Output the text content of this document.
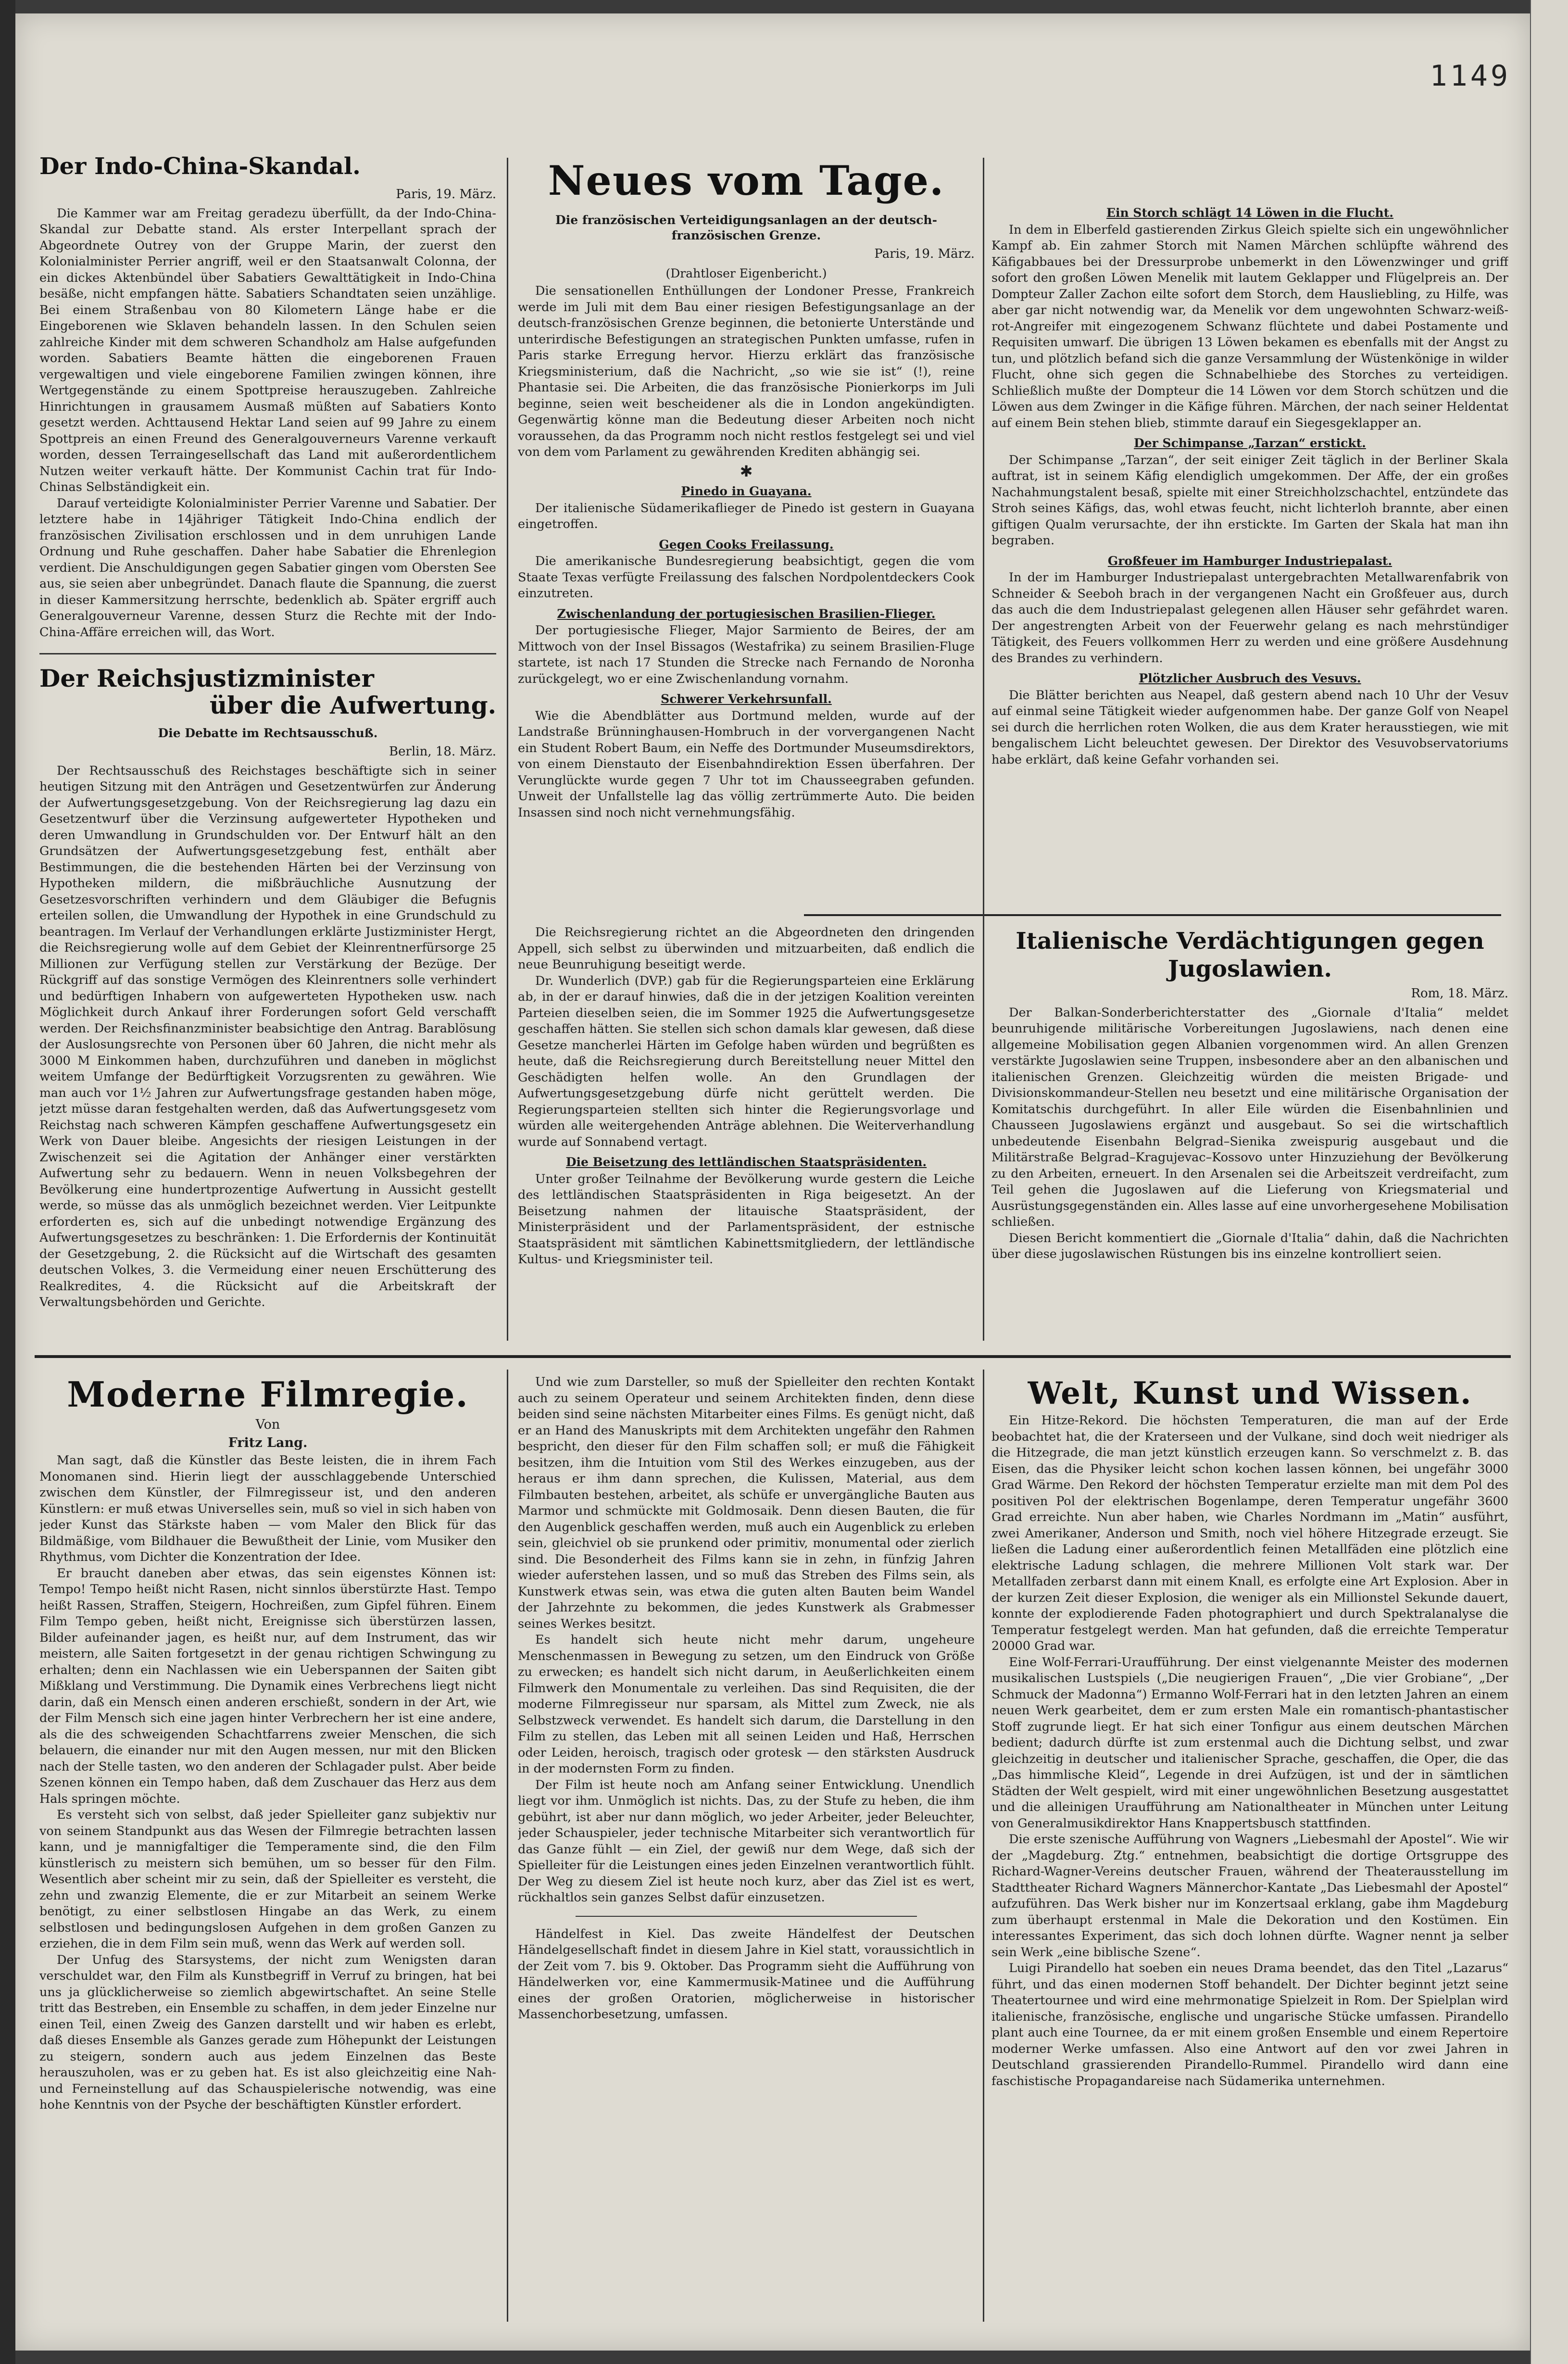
1149
Der Indo-China-Skandal.
Paris, 19. März.

Die Kammer war am Freitag geradezu überfüllt, da der Indo-China-Skandal zur Debatte stand. Als erster Interpellant sprach der Abgeordnete Outrey von der Gruppe Marin, der zuerst den Kolonialminister Perrier angriff, weil er den Staatsanwalt Colonna, der ein dickes Aktenbündel über Sabatiers Gewalttätigkeit in Indo-China besäße, nicht empfangen hätte. Sabatiers Schandtaten seien unzählige. Bei einem Straßenbau von 80 Kilometern Länge habe er die Eingeborenen wie Sklaven behandeln lassen. In den Schulen seien zahlreiche Kinder mit dem schweren Schandholz am Halse aufgefunden worden. Sabatiers Beamte hätten die eingeborenen Frauen vergewaltigen und viele eingeborene Familien zwingen können, ihre Wertgegenstände zu einem Spottpreise herauszugeben. Zahlreiche Hinrichtungen in grausamem Ausmaß müßten auf Sabatiers Konto gesetzt werden. Achttausend Hektar Land seien auf 99 Jahre zu einem Spottpreis an einen Freund des Generalgouverneurs Varenne verkauft worden, dessen Terraingesellschaft das Land mit außerordentlichem Nutzen weiter verkauft hätte. Der Kommunist Cachin trat für Indo-Chinas Selbständigkeit ein.

Darauf verteidigte Kolonialminister Perrier Varenne und Sabatier. Der letztere habe in 14jähriger Tätigkeit Indo-China endlich der französischen Zivilisation erschlossen und in dem unruhigen Lande Ordnung und Ruhe geschaffen. Daher habe Sabatier die Ehrenlegion verdient. Die Anschuldigungen gegen Sabatier gingen vom Obersten See aus, sie seien aber unbegründet. Danach flaute die Spannung, die zuerst in dieser Kammersitzung herrschte, bedenklich ab. Später ergriff auch Generalgouverneur Varenne, dessen Sturz die Rechte mit der Indo-China-Affäre erreichen will, das Wort.

Der Reichsjustizminister
über die Aufwertung.
Die Debatte im Rechtsausschuß.
Berlin, 18. März.

Der Rechtsausschuß des Reichstages beschäftigte sich in seiner heutigen Sitzung mit den Anträgen und Gesetzentwürfen zur Änderung der Aufwertungsgesetzgebung. Von der Reichsregierung lag dazu ein Gesetzentwurf über die Verzinsung aufgewerteter Hypotheken und deren Umwandlung in Grundschulden vor. Der Entwurf hält an den Grundsätzen der Aufwertungsgesetzgebung fest, enthält aber Bestimmungen, die die bestehenden Härten bei der Verzinsung von Hypotheken mildern, die mißbräuchliche Ausnutzung der Gesetzesvorschriften verhindern und dem Gläubiger die Befugnis erteilen sollen, die Umwandlung der Hypothek in eine Grundschuld zu beantragen. Im Verlauf der Verhandlungen erklärte Justizminister Hergt, die Reichsregierung wolle auf dem Gebiet der Kleinrentnerfürsorge 25 Millionen zur Verfügung stellen zur Verstärkung der Bezüge. Der Rückgriff auf das sonstige Vermögen des Kleinrentners solle verhindert und bedürftigen Inhabern von aufgewerteten Hypotheken usw. nach Möglichkeit durch Ankauf ihrer Forderungen sofort Geld verschafft werden. Der Reichsfinanzminister beabsichtige den Antrag. Barablösung der Auslosungsrechte von Personen über 60 Jahren, die nicht mehr als 3000 M Einkommen haben, durchzuführen und daneben in möglichst weitem Umfange der Bedürftigkeit Vorzugsrenten zu gewähren. Wie man auch vor 1½ Jahren zur Aufwertungsfrage gestanden haben möge, jetzt müsse daran festgehalten werden, daß das Aufwertungsgesetz vom Reichstag nach schweren Kämpfen geschaffene Aufwertungsgesetz ein Werk von Dauer bleibe. Angesichts der riesigen Leistungen in der Zwischenzeit sei die Agitation der Anhänger einer verstärkten Aufwertung sehr zu bedauern. Wenn in neuen Volksbegehren der Bevölkerung eine hundertprozentige Aufwertung in Aussicht gestellt werde, so müsse das als unmöglich bezeichnet werden. Vier Leitpunkte erforderten es, sich auf die unbedingt notwendige Ergänzung des Aufwertungsgesetzes zu beschränken: 1. Die Erfordernis der Kontinuität der Gesetzgebung, 2. die Rücksicht auf die Wirtschaft des gesamten deutschen Volkes, 3. die Vermeidung einer neuen Erschütterung des Realkredites, 4. die Rücksicht auf die Arbeitskraft der Verwaltungsbehörden und Gerichte.

Neues vom Tage.
Die französischen Verteidigungsanlagen an der deutsch-französischen Grenze.
Paris, 19. März.
(Drahtloser Eigenbericht.)

Die sensationellen Enthüllungen der Londoner Presse, Frankreich werde im Juli mit dem Bau einer riesigen Befestigungsanlage an der deutsch-französischen Grenze beginnen, die betonierte Unterstände und unterirdische Befestigungen an strategischen Punkten umfasse, rufen in Paris starke Erregung hervor. Hierzu erklärt das französische Kriegsministerium, daß die Nachricht, „so wie sie ist“ (!), reine Phantasie sei. Die Arbeiten, die das französische Pionierkorps im Juli beginne, seien weit bescheidener als die in London angekündigten. Gegenwärtig könne man die Bedeutung dieser Arbeiten noch nicht voraussehen, da das Programm noch nicht restlos festgelegt sei und viel von dem vom Parlament zu gewährenden Krediten abhängig sei.

✱
Pinedo in Guayana.

Der italienische Südamerikaflieger de Pinedo ist gestern in Guayana eingetroffen.

Gegen Cooks Freilassung.

Die amerikanische Bundesregierung beabsichtigt, gegen die vom Staate Texas verfügte Freilassung des falschen Nordpolentdeckers Cook einzutreten.

Zwischenlandung der portugiesischen Brasilien-Flieger.

Der portugiesische Flieger, Major Sarmiento de Beires, der am Mittwoch von der Insel Bissagos (Westafrika) zu seinem Brasilien-Fluge startete, ist nach 17 Stunden die Strecke nach Fernando de Noronha zurückgelegt, wo er eine Zwischenlandung vornahm.

Schwerer Verkehrsunfall.

Wie die Abendblätter aus Dortmund melden, wurde auf der Landstraße Brünninghausen-Hombruch in der vorvergangenen Nacht ein Student Robert Baum, ein Neffe des Dortmunder Museumsdirektors, von einem Dienstauto der Eisenbahndirektion Essen überfahren. Der Verunglückte wurde gegen 7 Uhr tot im Chausseegraben gefunden. Unweit der Unfallstelle lag das völlig zertrümmerte Auto. Die beiden Insassen sind noch nicht vernehmungsfähig.

Die Reichsregierung richtet an die Abgeordneten den dringenden Appell, sich selbst zu überwinden und mitzuarbeiten, daß endlich die neue Beunruhigung beseitigt werde.

Dr. Wunderlich (DVP.) gab für die Regierungsparteien eine Erklärung ab, in der er darauf hinwies, daß die in der jetzigen Koalition vereinten Parteien dieselben seien, die im Sommer 1925 die Aufwertungsgesetze geschaffen hätten. Sie stellen sich schon damals klar gewesen, daß diese Gesetze mancherlei Härten im Gefolge haben würden und begrüßten es heute, daß die Reichsregierung durch Bereitstellung neuer Mittel den Geschädigten helfen wolle. An den Grundlagen der Aufwertungsgesetzgebung dürfe nicht gerüttelt werden. Die Regierungsparteien stellten sich hinter die Regierungsvorlage und würden alle weitergehenden Anträge ablehnen. Die Weiterverhandlung wurde auf Sonnabend vertagt.

Die Beisetzung des lettländischen Staatspräsidenten.

Unter großer Teilnahme der Bevölkerung wurde gestern die Leiche des lettländischen Staatspräsidenten in Riga beigesetzt. An der Beisetzung nahmen der litauische Staatspräsident, der Ministerpräsident und der Parlamentspräsident, der estnische Staatspräsident mit sämtlichen Kabinettsmitgliedern, der lettländische Kultus- und Kriegsminister teil.

Ein Storch schlägt 14 Löwen in die Flucht.

In dem in Elberfeld gastierenden Zirkus Gleich spielte sich ein ungewöhnlicher Kampf ab. Ein zahmer Storch mit Namen Märchen schlüpfte während des Käfigabbaues bei der Dressurprobe unbemerkt in den Löwenzwinger und griff sofort den großen Löwen Menelik mit lautem Geklapper und Flügelpreis an. Der Dompteur Zaller Zachon eilte sofort dem Storch, dem Hausliebling, zu Hilfe, was aber gar nicht notwendig war, da Menelik vor dem ungewohnten Schwarz-weiß-rot-Angreifer mit eingezogenem Schwanz flüchtete und dabei Postamente und Requisiten umwarf. Die übrigen 13 Löwen bekamen es ebenfalls mit der Angst zu tun, und plötzlich befand sich die ganze Versammlung der Wüstenkönige in wilder Flucht, ohne sich gegen die Schnabelhiebe des Storches zu verteidigen. Schließlich mußte der Dompteur die 14 Löwen vor dem Storch schützen und die Löwen aus dem Zwinger in die Käfige führen. Märchen, der nach seiner Heldentat auf einem Bein stehen blieb, stimmte darauf ein Siegesgeklapper an.

Der Schimpanse „Tarzan“ erstickt.

Der Schimpanse „Tarzan“, der seit einiger Zeit täglich in der Berliner Skala auftrat, ist in seinem Käfig elendiglich umgekommen. Der Affe, der ein großes Nachahmungstalent besaß, spielte mit einer Streichholzschachtel, entzündete das Stroh seines Käfigs, das, wohl etwas feucht, nicht lichterloh brannte, aber einen giftigen Qualm verursachte, der ihn erstickte. Im Garten der Skala hat man ihn begraben.

Großfeuer im Hamburger Industriepalast.

In der im Hamburger Industriepalast untergebrachten Metallwarenfabrik von Schneider & Seeboh brach in der vergangenen Nacht ein Großfeuer aus, durch das auch die dem Industriepalast gelegenen allen Häuser sehr gefährdet waren. Der angestrengten Arbeit von der Feuerwehr gelang es nach mehrstündiger Tätigkeit, des Feuers vollkommen Herr zu werden und eine größere Ausdehnung des Brandes zu verhindern.

Plötzlicher Ausbruch des Vesuvs.

Die Blätter berichten aus Neapel, daß gestern abend nach 10 Uhr der Vesuv auf einmal seine Tätigkeit wieder aufgenommen habe. Der ganze Golf von Neapel sei durch die herrlichen roten Wolken, die aus dem Krater herausstiegen, wie mit bengalischem Licht beleuchtet gewesen. Der Direktor des Vesuvobservatoriums habe erklärt, daß keine Gefahr vorhanden sei.

Italienische Verdächtigungen gegen
Jugoslawien.
Rom, 18. März.

Der Balkan-Sonderberichterstatter des „Giornale d'Italia“ meldet beunruhigende militärische Vorbereitungen Jugoslawiens, nach denen eine allgemeine Mobilisation gegen Albanien vorgenommen wird. An allen Grenzen verstärkte Jugoslawien seine Truppen, insbesondere aber an den albanischen und italienischen Grenzen. Gleichzeitig würden die meisten Brigade- und Divisionskommandeur-Stellen neu besetzt und eine militärische Organisation der Komitatschis durchgeführt. In aller Eile würden die Eisenbahnlinien und Chausseen Jugoslawiens ergänzt und ausgebaut. So sei die wirtschaftlich unbedeutende Eisenbahn Belgrad–Sienika zweispurig ausgebaut und die Militärstraße Belgrad–Kragujevac–Kossovo unter Hinzuziehung der Bevölkerung zu den Arbeiten, erneuert. In den Arsenalen sei die Arbeitszeit verdreifacht, zum Teil gehen die Jugoslawen auf die Lieferung von Kriegsmaterial und Ausrüstungsgegenständen ein. Alles lasse auf eine unvorhergesehene Mobilisation schließen.

Diesen Bericht kommentiert die „Giornale d'Italia“ dahin, daß die Nachrichten über diese jugoslawischen Rüstungen bis ins einzelne kontrolliert seien.

Moderne Filmregie.
Von
Fritz Lang.

Man sagt, daß die Künstler das Beste leisten, die in ihrem Fach Monomanen sind. Hierin liegt der ausschlaggebende Unterschied zwischen dem Künstler, der Filmregisseur ist, und den anderen Künstlern: er muß etwas Universelles sein, muß so viel in sich haben von jeder Kunst das Stärkste haben — vom Maler den Blick für das Bildmäßige, vom Bildhauer die Bewußtheit der Linie, vom Musiker den Rhythmus, vom Dichter die Konzentration der Idee.

Er braucht daneben aber etwas, das sein eigenstes Können ist: Tempo! Tempo heißt nicht Rasen, nicht sinnlos überstürzte Hast. Tempo heißt Rassen, Straffen, Steigern, Hochreißen, zum Gipfel führen. Einem Film Tempo geben, heißt nicht, Ereignisse sich überstürzen lassen, Bilder aufeinander jagen, es heißt nur, auf dem Instrument, das wir meistern, alle Saiten fortgesetzt in der genau richtigen Schwingung zu erhalten; denn ein Nachlassen wie ein Ueberspannen der Saiten gibt Mißklang und Verstimmung. Die Dynamik eines Verbrechens liegt nicht darin, daß ein Mensch einen anderen erschießt, sondern in der Art, wie der Film Mensch sich eine jagen hinter Verbrechern her ist eine andere, als die des schweigenden Schachtfarrens zweier Menschen, die sich belauern, die einander nur mit den Augen messen, nur mit den Blicken nach der Stelle tasten, wo den anderen der Schlagader pulst. Aber beide Szenen können ein Tempo haben, daß dem Zuschauer das Herz aus dem Hals springen möchte.

Es versteht sich von selbst, daß jeder Spielleiter ganz subjektiv nur von seinem Standpunkt aus das Wesen der Filmregie betrachten lassen kann, und je mannigfaltiger die Temperamente sind, die den Film künstlerisch zu meistern sich bemühen, um so besser für den Film. Wesentlich aber scheint mir zu sein, daß der Spielleiter es versteht, die zehn und zwanzig Elemente, die er zur Mitarbeit an seinem Werke benötigt, zu einer selbstlosen Hingabe an das Werk, zu einem selbstlosen und bedingungslosen Aufgehen in dem großen Ganzen zu erziehen, die in dem Film sein muß, wenn das Werk auf werden soll.

Der Unfug des Starsystems, der nicht zum Wenigsten daran verschuldet war, den Film als Kunstbegriff in Verruf zu bringen, hat bei uns ja glücklicherweise so ziemlich abgewirtschaftet. An seine Stelle tritt das Bestreben, ein Ensemble zu schaffen, in dem jeder Einzelne nur einen Teil, einen Zweig des Ganzen darstellt und wir haben es erlebt, daß dieses Ensemble als Ganzes gerade zum Höhepunkt der Leistungen zu steigern, sondern auch aus jedem Einzelnen das Beste herauszuholen, was er zu geben hat. Es ist also gleichzeitig eine Nah- und Ferneinstellung auf das Schauspielerische notwendig, was eine hohe Kenntnis von der Psyche der beschäftigten Künstler erfordert.

Und wie zum Darsteller, so muß der Spielleiter den rechten Kontakt auch zu seinem Operateur und seinem Architekten finden, denn diese beiden sind seine nächsten Mitarbeiter eines Films. Es genügt nicht, daß er an Hand des Manuskripts mit dem Architekten ungefähr den Rahmen bespricht, den dieser für den Film schaffen soll; er muß die Fähigkeit besitzen, ihm die Intuition vom Stil des Werkes einzugeben, aus der heraus er ihm dann sprechen, die Kulissen, Material, aus dem Filmbauten bestehen, arbeitet, als schüfe er unvergängliche Bauten aus Marmor und schmückte mit Goldmosaik. Denn diesen Bauten, die für den Augenblick geschaffen werden, muß auch ein Augenblick zu erleben sein, gleichviel ob sie prunkend oder primitiv, monumental oder zierlich sind. Die Besonderheit des Films kann sie in zehn, in fünfzig Jahren wieder auferstehen lassen, und so muß das Streben des Films sein, als Kunstwerk etwas sein, was etwa die guten alten Bauten beim Wandel der Jahrzehnte zu bekommen, die jedes Kunstwerk als Grabmesser seines Werkes besitzt.

Es handelt sich heute nicht mehr darum, ungeheure Menschenmassen in Bewegung zu setzen, um den Eindruck von Größe zu erwecken; es handelt sich nicht darum, in Aeußerlichkeiten einem Filmwerk den Monumentale zu verleihen. Das sind Requisiten, die der moderne Filmregisseur nur sparsam, als Mittel zum Zweck, nie als Selbstzweck verwendet. Es handelt sich darum, die Darstellung in den Film zu stellen, das Leben mit all seinen Leiden und Haß, Herrschen oder Leiden, heroisch, tragisch oder grotesk — den stärksten Ausdruck in der modernsten Form zu finden.

Der Film ist heute noch am Anfang seiner Entwicklung. Unendlich liegt vor ihm. Unmöglich ist nichts. Das, zu der Stufe zu heben, die ihm gebührt, ist aber nur dann möglich, wo jeder Arbeiter, jeder Beleuchter, jeder Schauspieler, jeder technische Mitarbeiter sich verantwortlich für das Ganze fühlt — ein Ziel, der gewiß nur dem Wege, daß sich der Spielleiter für die Leistungen eines jeden Einzelnen verantwortlich fühlt. Der Weg zu diesem Ziel ist heute noch kurz, aber das Ziel ist es wert, rückhaltlos sein ganzes Selbst dafür einzusetzen.

Händelfest in Kiel. Das zweite Händelfest der Deutschen Händelgesellschaft findet in diesem Jahre in Kiel statt, voraussichtlich in der Zeit vom 7. bis 9. Oktober. Das Programm sieht die Aufführung von Händelwerken vor, eine Kammermusik-Matinee und die Aufführung eines der großen Oratorien, möglicherweise in historischer Massenchorbesetzung, umfassen.

Welt, Kunst und Wissen.

Ein Hitze-Rekord. Die höchsten Temperaturen, die man auf der Erde beobachtet hat, die der Kraterseen und der Vulkane, sind doch weit niedriger als die Hitzegrade, die man jetzt künstlich erzeugen kann. So verschmelzt z. B. das Eisen, das die Physiker leicht schon kochen lassen können, bei ungefähr 3000 Grad Wärme. Den Rekord der höchsten Temperatur erzielte man mit dem Pol des positiven Pol der elektrischen Bogenlampe, deren Temperatur ungefähr 3600 Grad erreichte. Nun aber haben, wie Charles Nordmann im „Matin“ ausführt, zwei Amerikaner, Anderson und Smith, noch viel höhere Hitzegrade erzeugt. Sie ließen die Ladung einer außerordentlich feinen Metallfäden eine plötzlich eine elektrische Ladung schlagen, die mehrere Millionen Volt stark war. Der Metallfaden zerbarst dann mit einem Knall, es erfolgte eine Art Explosion. Aber in der kurzen Zeit dieser Explosion, die weniger als ein Millionstel Sekunde dauert, konnte der explodierende Faden photographiert und durch Spektralanalyse die Temperatur festgelegt werden. Man hat gefunden, daß die erreichte Temperatur 20000 Grad war.

Eine Wolf-Ferrari-Uraufführung. Der einst vielgenannte Meister des modernen musikalischen Lustspiels („Die neugierigen Frauen“, „Die vier Grobiane“, „Der Schmuck der Madonna“) Ermanno Wolf-Ferrari hat in den letzten Jahren an einem neuen Werk gearbeitet, dem er zum ersten Male ein romantisch-phantastischer Stoff zugrunde liegt. Er hat sich einer Tonfigur aus einem deutschen Märchen bedient; dadurch dürfte ist zum erstenmal auch die Dichtung selbst, und zwar gleichzeitig in deutscher und italienischer Sprache, geschaffen, die Oper, die das „Das himmlische Kleid“, Legende in drei Aufzügen, ist und der in sämtlichen Städten der Welt gespielt, wird mit einer ungewöhnlichen Besetzung ausgestattet und die alleinigen Uraufführung am Nationaltheater in München unter Leitung von Generalmusikdirektor Hans Knappertsbusch stattfinden.

Die erste szenische Aufführung von Wagners „Liebesmahl der Apostel“. Wie wir der „Magdeburg. Ztg.“ entnehmen, beabsichtigt die dortige Ortsgruppe des Richard-Wagner-Vereins deutscher Frauen, während der Theaterausstellung im Stadttheater Richard Wagners Männerchor-Kantate „Das Liebesmahl der Apostel“ aufzuführen. Das Werk bisher nur im Konzertsaal erklang, gabe ihm Magdeburg zum überhaupt erstenmal in Male die Dekoration und den Kostümen. Ein interessantes Experiment, das sich doch lohnen dürfte. Wagner nennt ja selber sein Werk „eine biblische Szene“.

Luigi Pirandello hat soeben ein neues Drama beendet, das den Titel „Lazarus“ führt, und das einen modernen Stoff behandelt. Der Dichter beginnt jetzt seine Theatertournee und wird eine mehrmonatige Spielzeit in Rom. Der Spielplan wird italienische, französische, englische und ungarische Stücke umfassen. Pirandello plant auch eine Tournee, da er mit einem großen Ensemble und einem Repertoire moderner Werke umfassen. Also eine Antwort auf den vor zwei Jahren in Deutschland grassierenden Pirandello-Rummel. Pirandello wird dann eine faschistische Propagandareise nach Südamerika unternehmen.
